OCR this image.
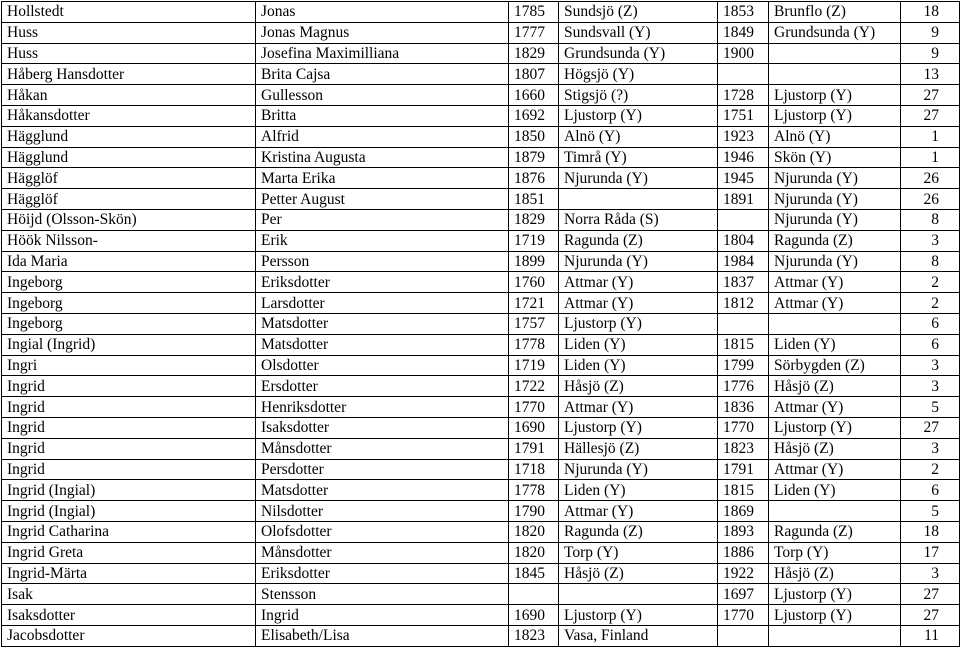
Hollstedt	Jonas	1785	Sundsjö (Z)	1853	Brunflo (Z)	18
Huss	Jonas Magnus	1777	Sundsvall (Y)	1849	Grundsunda (Y)	9
Huss	Josefina Maximilliana	1829	Grundsunda (Y)	1900		9
Håberg Hansdotter	Brita Cajsa	1807	Högsjö (Y)			13
Håkan	Gullesson	1660	Stigsjö (?)	1728	Ljustorp (Y)	27
Håkansdotter	Britta	1692	Ljustorp (Y)	1751	Ljustorp (Y)	27
Hägglund	Alfrid	1850	Alnö (Y)	1923	Alnö (Y)	1
Hägglund	Kristina Augusta	1879	Timrå (Y)	1946	Skön (Y)	1
Hägglöf	Marta Erika	1876	Njurunda (Y)	1945	Njurunda (Y)	26
Hägglöf	Petter August	1851		1891	Njurunda (Y)	26
Höijd (Olsson-Skön)	Per	1829	Norra Råda (S)		Njurunda (Y)	8
Höök Nilsson-	Erik	1719	Ragunda (Z)	1804	Ragunda (Z)	3
Ida Maria	Persson	1899	Njurunda (Y)	1984	Njurunda (Y)	8
Ingeborg	Eriksdotter	1760	Attmar (Y)	1837	Attmar (Y)	2
Ingeborg	Larsdotter	1721	Attmar (Y)	1812	Attmar (Y)	2
Ingeborg	Matsdotter	1757	Ljustorp (Y)			6
Ingial (Ingrid)	Matsdotter	1778	Liden (Y)	1815	Liden (Y)	6
Ingri	Olsdotter	1719	Liden (Y)	1799	Sörbygden (Z)	3
Ingrid	Ersdotter	1722	Håsjö (Z)	1776	Håsjö (Z)	3
Ingrid	Henriksdotter	1770	Attmar (Y)	1836	Attmar (Y)	5
Ingrid	Isaksdotter	1690	Ljustorp (Y)	1770	Ljustorp (Y)	27
Ingrid	Månsdotter	1791	Hällesjö (Z)	1823	Håsjö (Z)	3
Ingrid	Persdotter	1718	Njurunda (Y)	1791	Attmar (Y)	2
Ingrid (Ingial)	Matsdotter	1778	Liden (Y)	1815	Liden (Y)	6
Ingrid (Ingial)	Nilsdotter	1790	Attmar (Y)	1869		5
Ingrid Catharina	Olofsdotter	1820	Ragunda (Z)	1893	Ragunda (Z)	18
Ingrid Greta	Månsdotter	1820	Torp (Y)	1886	Torp (Y)	17
Ingrid-Märta	Eriksdotter	1845	Håsjö (Z)	1922	Håsjö (Z)	3
Isak	Stensson			1697	Ljustorp (Y)	27
Isaksdotter	Ingrid	1690	Ljustorp (Y)	1770	Ljustorp (Y)	27
Jacobsdotter	Elisabeth/Lisa	1823	Vasa, Finland			11
